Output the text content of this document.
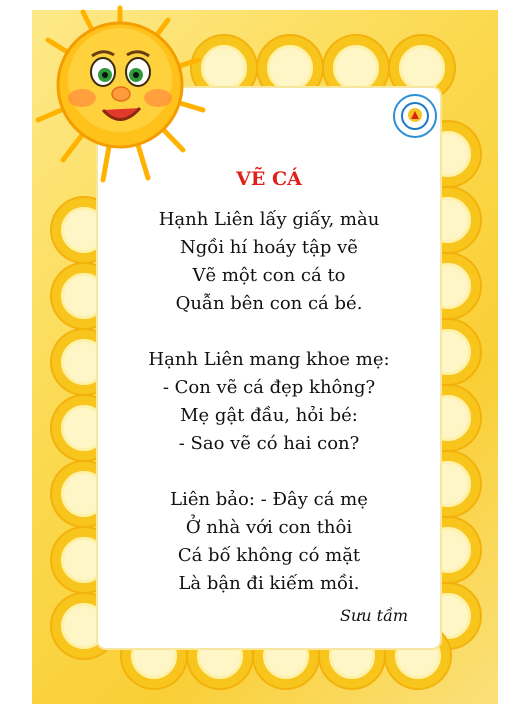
VẼ CÁ
Hạnh Liên lấy giấy, màu
Ngồi hí hoáy tập vẽ
Vẽ một con cá to
Quẫn bên con cá bé.
Hạnh Liên mang khoe mẹ:
- Con vẽ cá đẹp không?
Mẹ gật đầu, hỏi bé:
- Sao vẽ có hai con?
Liên bảo: - Đây cá mẹ
Ở nhà với con thôi
Cá bố không có mặt
Là bận đi kiếm mồi.
Sưu tầm
